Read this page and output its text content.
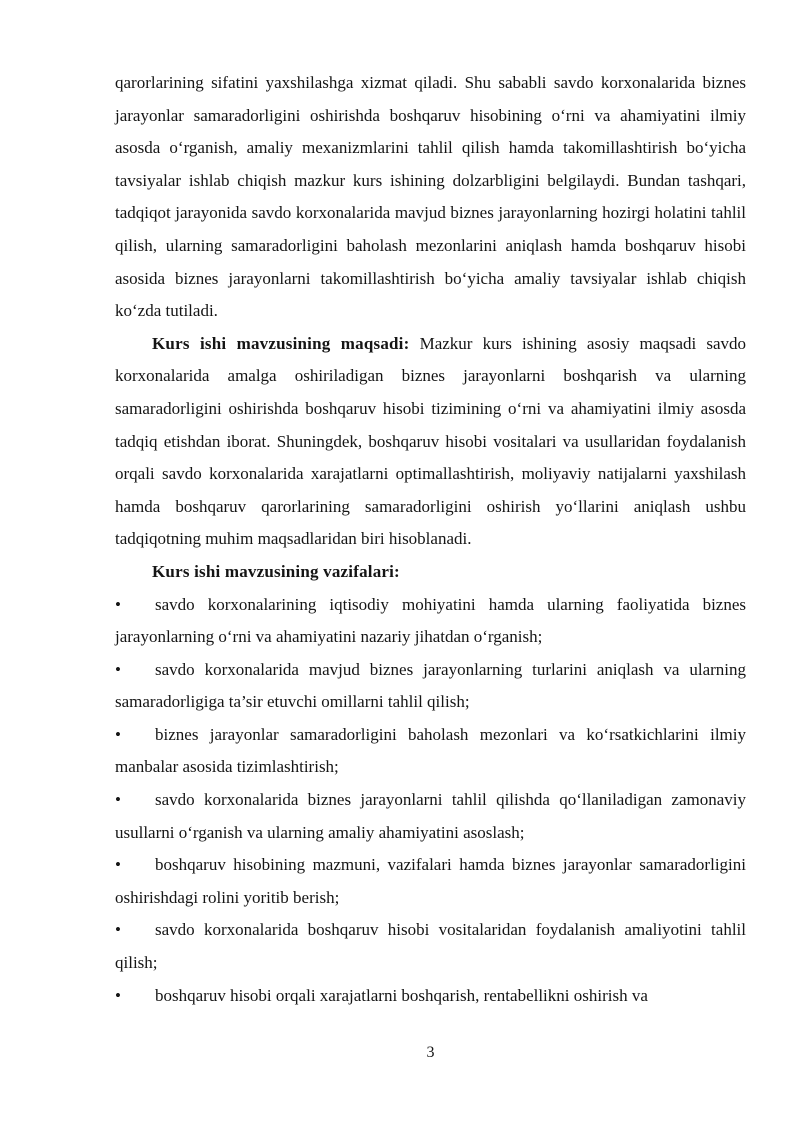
qarorlarining sifatini yaxshilashga xizmat qiladi. Shu sababli savdo korxonalarida biznes jarayonlar samaradorligini oshirishda boshqaruv hisobining o‘rni va ahamiyatini ilmiy asosda o‘rganish, amaliy mexanizmlarini tahlil qilish hamda takomillashtirish bo‘yicha tavsiyalar ishlab chiqish mazkur kurs ishining dolzarbligini belgilaydi. Bundan tashqari, tadqiqot jarayonida savdo korxonalarida mavjud biznes jarayonlarning hozirgi holatini tahlil qilish, ularning samaradorligini baholash mezonlarini aniqlash hamda boshqaruv hisobi asosida biznes jarayonlarni takomillashtirish bo‘yicha amaliy tavsiyalar ishlab chiqish ko‘zda tutiladi.

Kurs ishi mavzusining maqsadi: Mazkur kurs ishining asosiy maqsadi savdo korxonalarida amalga oshiriladigan biznes jarayonlarni boshqarish va ularning samaradorligini oshirishda boshqaruv hisobi tizimining o‘rni va ahamiyatini ilmiy asosda tadqiq etishdan iborat. Shuningdek, boshqaruv hisobi vositalari va usullaridan foydalanish orqali savdo korxonalarida xarajatlarni optimallashtirish, moliyaviy natijalarni yaxshilash hamda boshqaruv qarorlarining samaradorligini oshirish yo‘llarini aniqlash ushbu tadqiqotning muhim maqsadlaridan biri hisoblanadi.

Kurs ishi mavzusining vazifalari:

• savdo korxonalarining iqtisodiy mohiyatini hamda ularning faoliyatida biznes jarayonlarning o‘rni va ahamiyatini nazariy jihatdan o‘rganish;

• savdo korxonalarida mavjud biznes jarayonlarning turlarini aniqlash va ularning samaradorligiga ta’sir etuvchi omillarni tahlil qilish;

• biznes jarayonlar samaradorligini baholash mezonlari va ko‘rsatkichlarini ilmiy manbalar asosida tizimlashtirish;

• savdo korxonalarida biznes jarayonlarni tahlil qilishda qo‘llaniladigan zamonaviy usullarni o‘rganish va ularning amaliy ahamiyatini asoslash;

• boshqaruv hisobining mazmuni, vazifalari hamda biznes jarayonlar samaradorligini oshirishdagi rolini yoritib berish;

• savdo korxonalarida boshqaruv hisobi vositalaridan foydalanish amaliyotini tahlil qilish;

• boshqaruv hisobi orqali xarajatlarni boshqarish, rentabellikni oshirish va

3
